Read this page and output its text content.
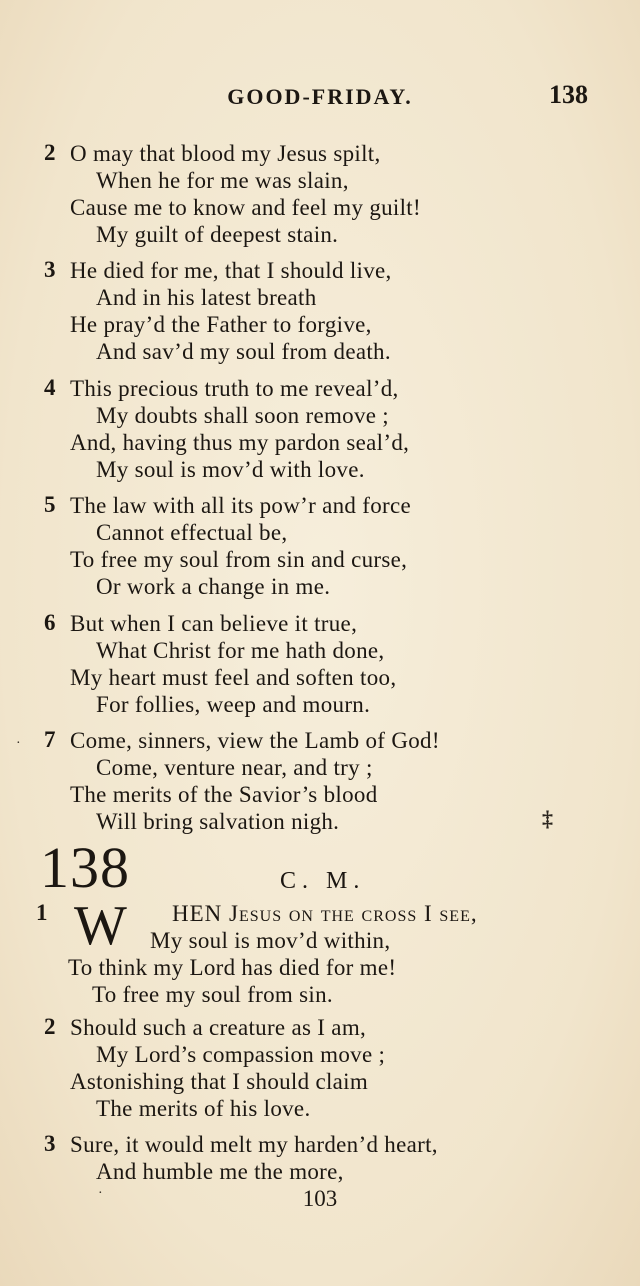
GOOD-FRIDAY.	138
2 O may that blood my Jesus spilt,
When he for me was slain,
Cause me to know and feel my guilt!
My guilt of deepest stain.
3 He died for me, that I should live,
And in his latest breath
He pray’d the Father to forgive,
And sav’d my soul from death.
4 This precious truth to me reveal’d,
My doubts shall soon remove ;
And, having thus my pardon seal’d,
My soul is mov’d with love.
5 The law with all its pow’r and force
Cannot effectual be,
To free my soul from sin and curse,
Or work a change in me.
6 But when I can believe it true,
What Christ for me hath done,
My heart must feel and soften too,
For follies, weep and mourn.
7 Come, sinners, view the Lamb of God!
Come, venture near, and try ;
The merits of the Savior’s blood
Will bring salvation nigh.
·
‡
138	C. M.
1	HEN Jesus on the cross I see,
My soul is mov’d within,
To think my Lord has died for me!
To free my soul from sin.
W
2 Should such a creature as I am,
My Lord’s compassion move ;
Astonishing that I should claim
The merits of his love.
3 Sure, it would melt my harden’d heart,
And humble me the more,
·	103
